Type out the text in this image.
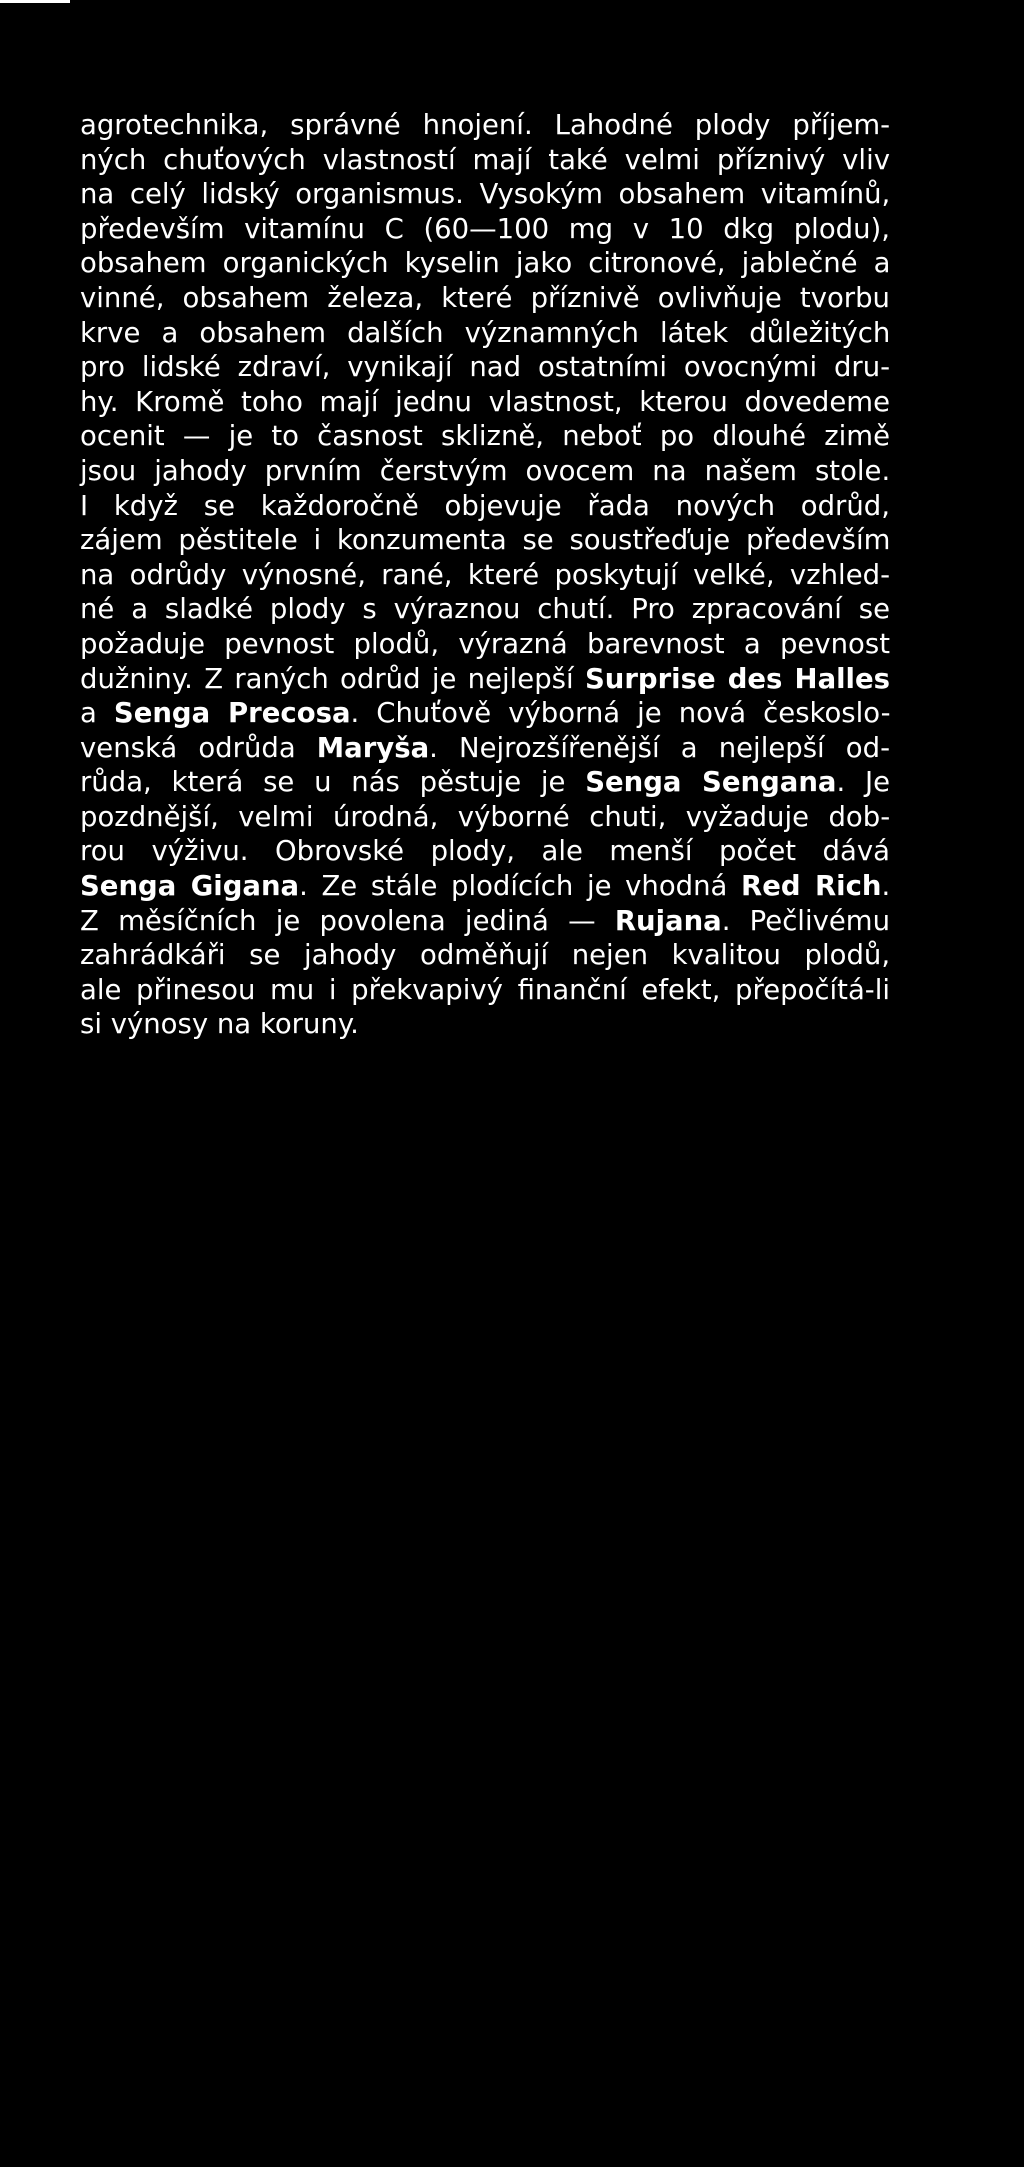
agrotechnika, správné hnojení. Lahodné plody příjem-
ných chuťových vlastností mají také velmi příznivý vliv
na celý lidský organismus. Vysokým obsahem vitamínů,
především vitamínu C (60—100 mg v 10 dkg plodu),
obsahem organických kyselin jako citronové, jablečné a
vinné, obsahem železa, které příznivě ovlivňuje tvorbu
krve a obsahem dalších významných látek důležitých
pro lidské zdraví, vynikají nad ostatními ovocnými dru-
hy. Kromě toho mají jednu vlastnost, kterou dovedeme
ocenit — je to časnost sklizně, neboť po dlouhé zimě
jsou jahody prvním čerstvým ovocem na našem stole.
I když se každoročně objevuje řada nových odrůd,
zájem pěstitele i konzumenta se soustřeďuje především
na odrůdy výnosné, rané, které poskytují velké, vzhled-
né a sladké plody s výraznou chutí. Pro zpracování se
požaduje pevnost plodů, výrazná barevnost a pevnost
dužniny. Z raných odrůd je nejlepší Surprise des Halles
a Senga Precosa. Chuťově výborná je nová českoslo-
venská odrůda Maryša. Nejrozšířenější a nejlepší od-
růda, která se u nás pěstuje je Senga Sengana. Je
pozdnější, velmi úrodná, výborné chuti, vyžaduje dob-
rou výživu. Obrovské plody, ale menší počet dává
Senga Gigana. Ze stále plodících je vhodná Red Rich.
Z měsíčních je povolena jediná — Rujana. Pečlivému
zahrádkáři se jahody odměňují nejen kvalitou plodů,
ale přinesou mu i překvapivý finanční efekt, přepočítá-li
si výnosy na koruny.
